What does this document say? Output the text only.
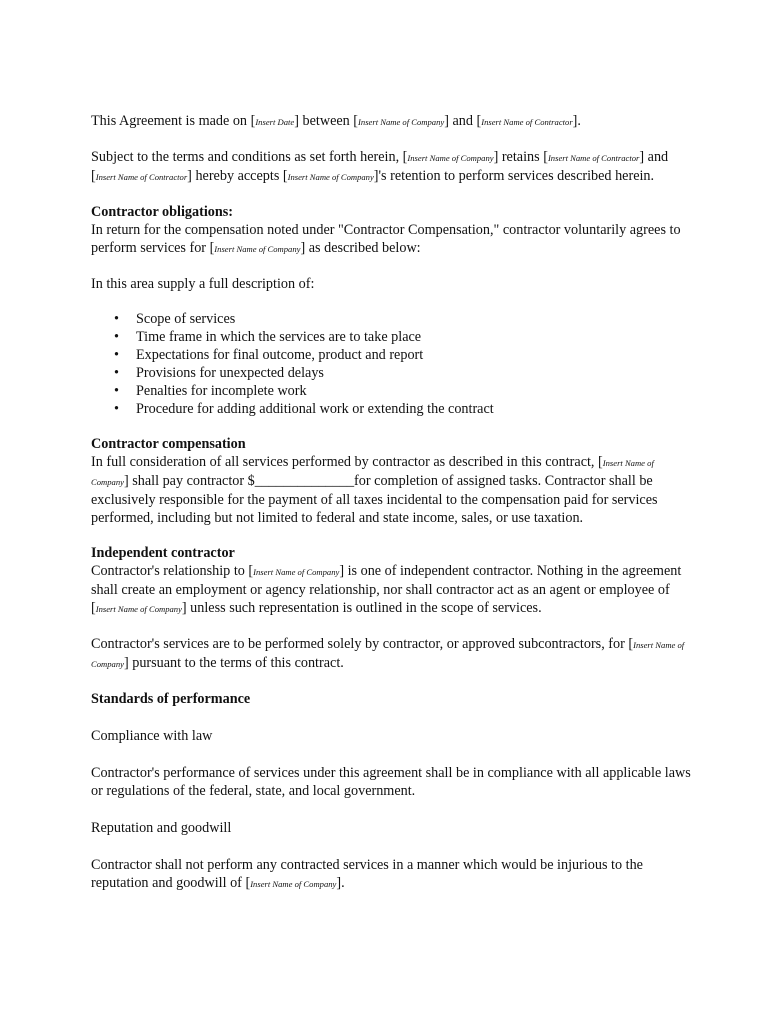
This Agreement is made on [Insert Date] between [Insert Name of Company] and [Insert Name of Contractor].

Subject to the terms and conditions as set forth herein, [Insert Name of Company] retains [Insert Name of Contractor] and [Insert Name of Contractor] hereby accepts [Insert Name of Company]'s retention to perform services described herein.

Contractor obligations:

In return for the compensation noted under "Contractor Compensation," contractor voluntarily agrees to perform services for [Insert Name of Company] as described below:

In this area supply a full description of:

• Scope of services
• Time frame in which the services are to take place
• Expectations for final outcome, product and report
• Provisions for unexpected delays
• Penalties for incomplete work
• Procedure for adding additional work or extending the contract

Contractor compensation

In full consideration of all services performed by contractor as described in this contract, [Insert Name of Company] shall pay contractor $______________for completion of assigned tasks. Contractor shall be exclusively responsible for the payment of all taxes incidental to the compensation paid for services performed, including but not limited to federal and state income, sales, or use taxation.

Independent contractor

Contractor's relationship to [Insert Name of Company] is one of independent contractor. Nothing in the agreement shall create an employment or agency relationship, nor shall contractor act as an agent or employee of [Insert Name of Company] unless such representation is outlined in the scope of services.

Contractor's services are to be performed solely by contractor, or approved subcontractors, for [Insert Name of Company] pursuant to the terms of this contract.

Standards of performance

Compliance with law

Contractor's performance of services under this agreement shall be in compliance with all applicable laws or regulations of the federal, state, and local government.

Reputation and goodwill

Contractor shall not perform any contracted services in a manner which would be injurious to the reputation and goodwill of [Insert Name of Company].
